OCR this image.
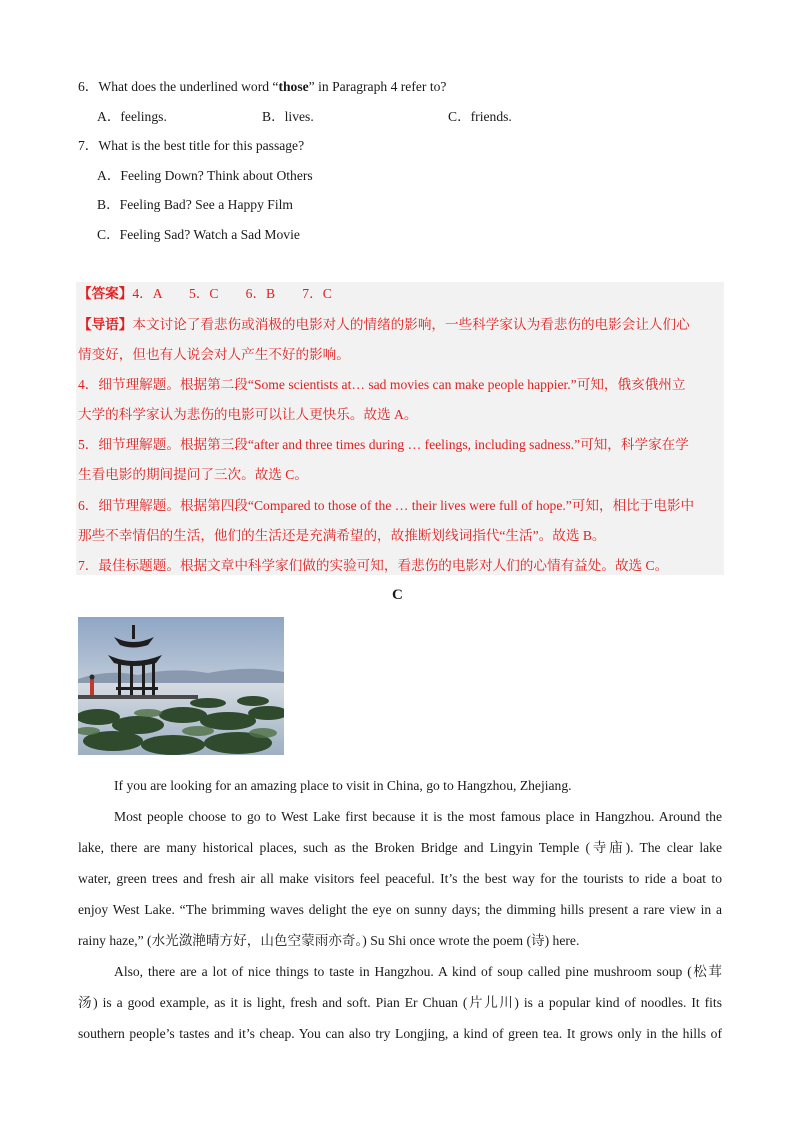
6．What does the underlined word “those” in Paragraph 4 refer to?
A．feelings.	B．lives.	C．friends.
7．What is the best title for this passage?
A．Feeling Down? Think about Others
B．Feeling Bad? See a Happy Film
C．Feeling Sad? Watch a Sad Movie
【答案】4．A　　5．C　　6．B　　7．C
【导语】本文讨论了看悲伤或消极的电影对人的情绪的影响，一些科学家认为看悲伤的电影会让人们心
情变好，但也有人说会对人产生不好的影响。
4．细节理解题。根据第二段“Some scientists at… sad movies can make people happier.”可知，俄亥俄州立
大学的科学家认为悲伤的电影可以让人更快乐。故选 A。
5．细节理解题。根据第三段“after and three times during … feelings, including sadness.”可知，科学家在学
生看电影的期间提问了三次。故选 C。
6．细节理解题。根据第四段“Compared to those of the … their lives were full of hope.”可知，相比于电影中
那些不幸情侣的生活，他们的生活还是充满希望的，故推断划线词指代“生活”。故选 B。
7．最佳标题题。根据文章中科学家们做的实验可知，看悲伤的电影对人们的心情有益处。故选 C。
C
If you are looking for an amazing place to visit in China, go to Hangzhou, Zhejiang.
Most people choose to go to West Lake first because it is the most famous place in Hangzhou. Around the
lake, there are many historical places, such as the Broken Bridge and Lingyin Temple (寺庙). The clear lake
water, green trees and fresh air all make visitors feel peaceful. It’s the best way for the tourists to ride a boat to
enjoy West Lake. “The brimming waves delight the eye on sunny days; the dimming hills present a rare view in a
rainy haze,” (水光潋滟晴方好，山色空蒙雨亦奇。) Su Shi once wrote the poem (诗) here.
Also, there are a lot of nice things to taste in Hangzhou. A kind of soup called pine mushroom soup (松茸
汤) is a good example, as it is light, fresh and soft. Pian Er Chuan (片儿川) is a popular kind of noodles. It fits
southern people’s tastes and it’s cheap. You can also try Longjing, a kind of green tea. It grows only in the hills of
